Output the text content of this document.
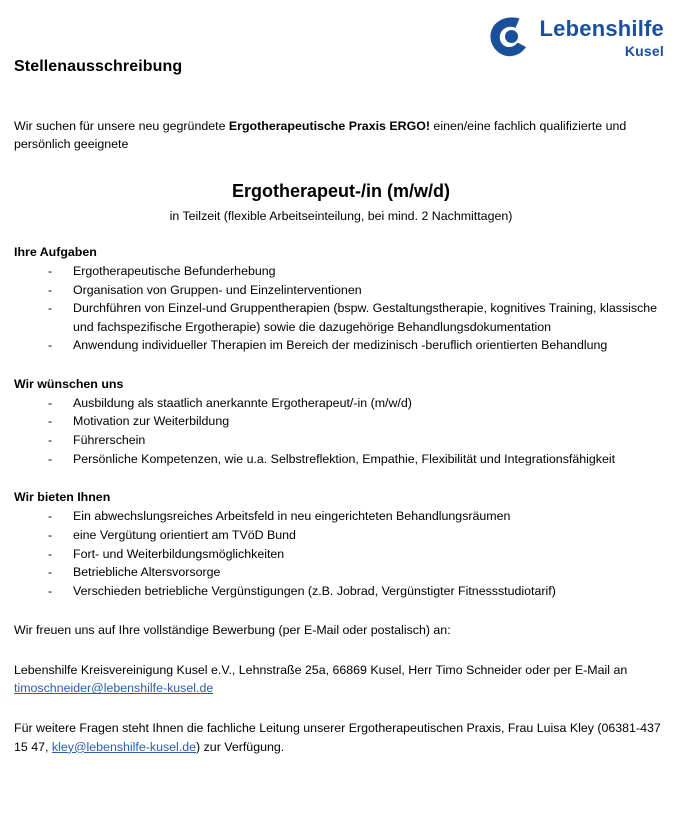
Lebenshilfe
Kusel
Stellenausschreibung

Wir suchen für unsere neu gegründete Ergotherapeutische Praxis ERGO! einen/eine fachlich qualifizierte und persönlich geeignete

Ergotherapeut-/in (m/w/d)
in Teilzeit (flexible Arbeitseinteilung, bei mind. 2 Nachmittagen)
Ihre Aufgaben
- Ergotherapeutische Befunderhebung
- Organisation von Gruppen- und Einzelinterventionen
- Durchführen von Einzel-und Gruppentherapien (bspw. Gestaltungstherapie, kognitives Training, klassische und fachspezifische Ergotherapie) sowie die dazugehörige Behandlungsdokumentation
- Anwendung individueller Therapien im Bereich der medizinisch -beruflich orientierten Behandlung
Wir wünschen uns
- Ausbildung als staatlich anerkannte Ergotherapeut/-in (m/w/d)
- Motivation zur Weiterbildung
- Führerschein
- Persönliche Kompetenzen, wie u.a. Selbstreflektion, Empathie, Flexibilität und Integrationsfähigkeit
Wir bieten Ihnen
- Ein abwechslungsreiches Arbeitsfeld in neu eingerichteten Behandlungsräumen
- eine Vergütung orientiert am TVöD Bund
- Fort- und Weiterbildungsmöglichkeiten
- Betriebliche Altersvorsorge
- Verschieden betriebliche Vergünstigungen (z.B. Jobrad, Vergünstigter Fitnessstudiotarif)

Wir freuen uns auf Ihre vollständige Bewerbung (per E-Mail oder postalisch) an:

Lebenshilfe Kreisvereinigung Kusel e.V., Lehnstraße 25a, 66869 Kusel, Herr Timo Schneider oder per E-Mail an timoschneider@lebenshilfe-kusel.de

Für weitere Fragen steht Ihnen die fachliche Leitung unserer Ergotherapeutischen Praxis, Frau Luisa Kley (06381-437 15 47, kley@lebenshilfe-kusel.de) zur Verfügung.
